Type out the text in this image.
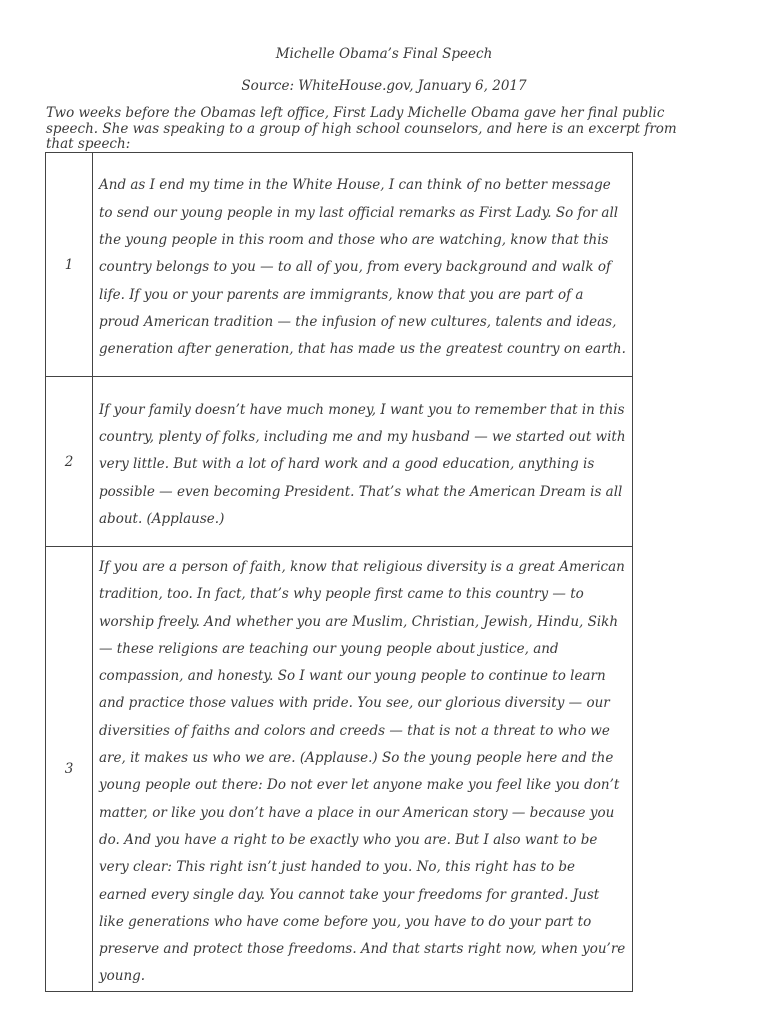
Michelle Obama’s Final Speech
Source: WhiteHouse.gov, January 6, 2017
Two weeks before the Obamas left office, First Lady Michelle Obama gave her final public speech. She was speaking to a group of high school counselors, and here is an excerpt from that speech:
1	And as I end my time in the White House, I can think of no better message to send our young people in my last official remarks as First Lady. So for all the young people in this room and those who are watching, know that this country belongs to you — to all of you, from every background and walk of life. If you or your parents are immigrants, know that you are part of a proud American tradition — the infusion of new cultures, talents and ideas, generation after generation, that has made us the greatest country on earth.
2	If your family doesn’t have much money, I want you to remember that in this country, plenty of folks, including me and my husband — we started out with very little. But with a lot of hard work and a good education, anything is possible — even becoming President. That’s what the American Dream is all about. (Applause.)
3	If you are a person of faith, know that religious diversity is a great American tradition, too. In fact, that’s why people first came to this country — to worship freely. And whether you are Muslim, Christian, Jewish, Hindu, Sikh — these religions are teaching our young people about justice, and compassion, and honesty. So I want our young people to continue to learn and practice those values with pride. You see, our glorious diversity — our diversities of faiths and colors and creeds — that is not a threat to who we are, it makes us who we are. (Applause.) So the young people here and the young people out there: Do not ever let anyone make you feel like you don’t matter, or like you don’t have a place in our American story — because you do. And you have a right to be exactly who you are. But I also want to be very clear: This right isn’t just handed to you. No, this right has to be earned every single day. You cannot take your freedoms for granted. Just like generations who have come before you, you have to do your part to preserve and protect those freedoms. And that starts right now, when you’re young.
